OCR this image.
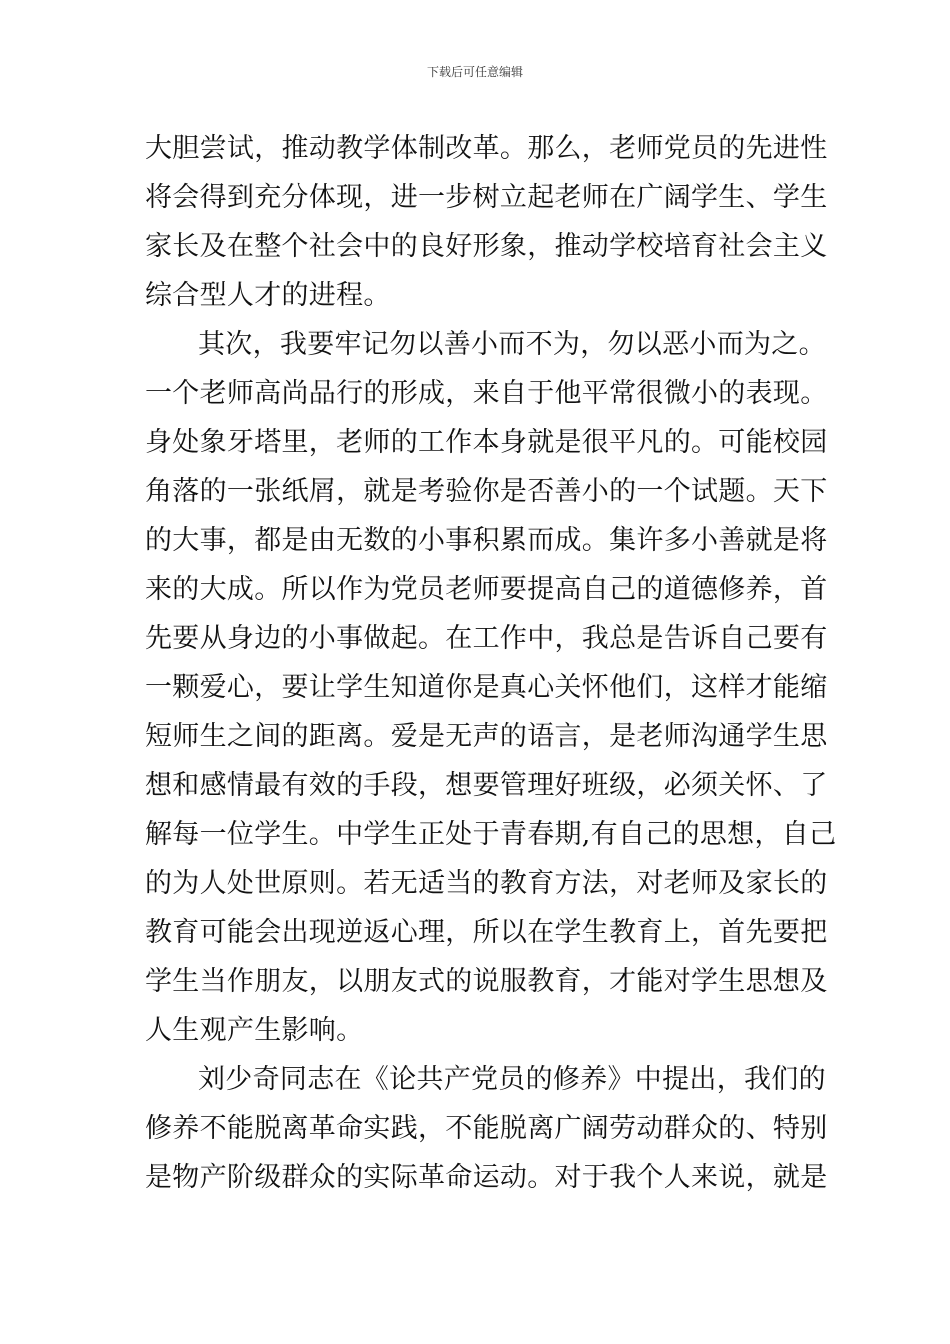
下载后可任意编辑
大胆尝试，推动教学体制改革。那么，老师党员的先进性
将会得到充分体现，进一步树立起老师在广阔学生、学生
家长及在整个社会中的良好形象，推动学校培育社会主义
综合型人才的进程。
其次，我要牢记勿以善小而不为，勿以恶小而为之。
一个老师高尚品行的形成，来自于他平常很微小的表现。
身处象牙塔里，老师的工作本身就是很平凡的。可能校园
角落的一张纸屑，就是考验你是否善小的一个试题。天下
的大事，都是由无数的小事积累而成。集许多小善就是将
来的大成。所以作为党员老师要提高自己的道德修养，首
先要从身边的小事做起。在工作中，我总是告诉自己要有
一颗爱心，要让学生知道你是真心关怀他们，这样才能缩
短师生之间的距离。爱是无声的语言，是老师沟通学生思
想和感情最有效的手段，想要管理好班级，必须关怀、了
解每一位学生。中学生正处于青春期,有自己的思想，自己
的为人处世原则。若无适当的教育方法，对老师及家长的
教育可能会出现逆返心理，所以在学生教育上，首先要把
学生当作朋友，以朋友式的说服教育，才能对学生思想及
人生观产生影响。
刘少奇同志在《论共产党员的修养》中提出，我们的
修养不能脱离革命实践，不能脱离广阔劳动群众的、特别
是物产阶级群众的实际革命运动。对于我个人来说，就是
